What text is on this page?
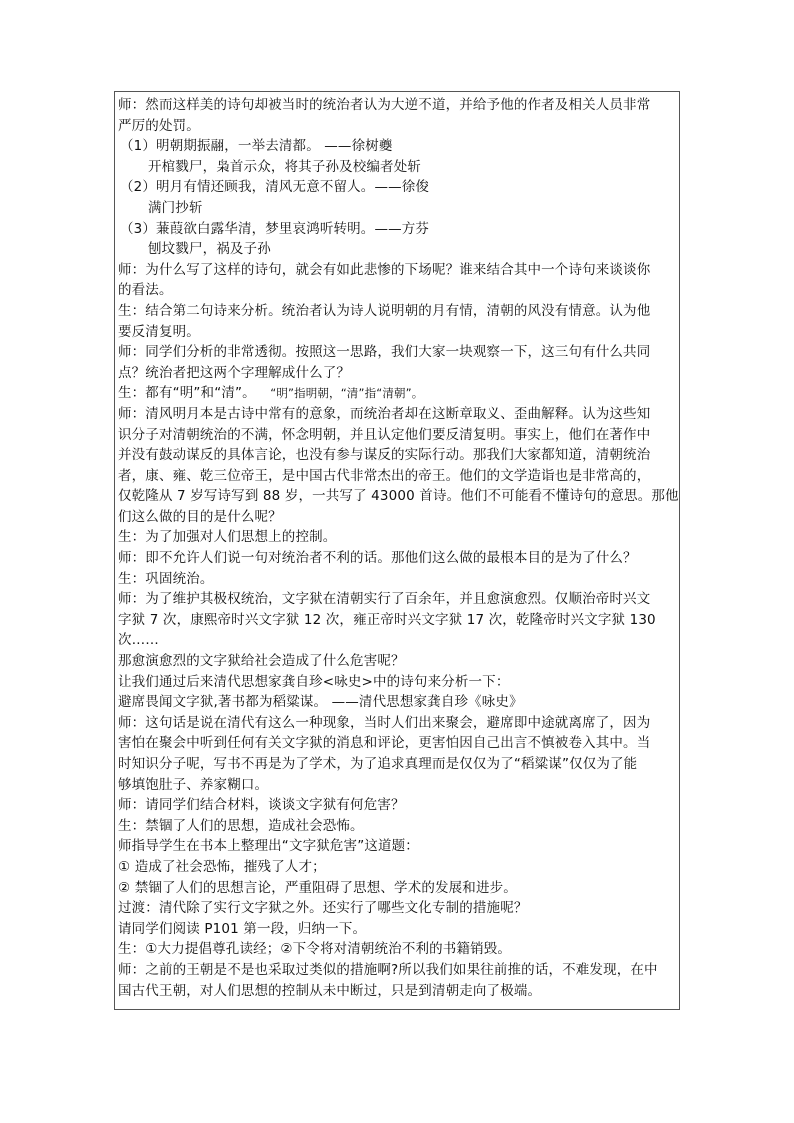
师：然而这样美的诗句却被当时的统治者认为大逆不道，并给予他的作者及相关人员非常
严厉的处罚。
（1）明朝期振翮，一举去清都。 ——徐树夔
开棺戮尸，枭首示众，将其子孙及校编者处斩
（2）明月有情还顾我，清风无意不留人。——徐俊
满门抄斩
（3）蒹葭欲白露华清，梦里哀鸿听转明。——方芬
刨坟戮尸，祸及子孙
师：为什么写了这样的诗句，就会有如此悲惨的下场呢？谁来结合其中一个诗句来谈谈你
的看法。
生：结合第二句诗来分析。统治者认为诗人说明朝的月有情，清朝的风没有情意。认为他
要反清复明。
师：同学们分析的非常透彻。按照这一思路，我们大家一块观察一下，这三句有什么共同
点？统治者把这两个字理解成什么了？
生：都有“明”和“清”。 “明”指明朝，“清”指“清朝”。
师：清风明月本是古诗中常有的意象，而统治者却在这断章取义、歪曲解释。认为这些知
识分子对清朝统治的不满，怀念明朝，并且认定他们要反清复明。事实上，他们在著作中
并没有鼓动谋反的具体言论，也没有参与谋反的实际行动。那我们大家都知道，清朝统治
者，康、雍、乾三位帝王，是中国古代非常杰出的帝王。他们的文学造诣也是非常高的，
仅乾隆从 7 岁写诗写到 88 岁，一共写了 43000 首诗。他们不可能看不懂诗句的意思。那他
们这么做的目的是什么呢？
生：为了加强对人们思想上的控制。
师：即不允许人们说一句对统治者不利的话。那他们这么做的最根本目的是为了什么？
生：巩固统治。
师：为了维护其极权统治，文字狱在清朝实行了百余年，并且愈演愈烈。仅顺治帝时兴文
字狱 7 次，康熙帝时兴文字狱 12 次，雍正帝时兴文字狱 17 次，乾隆帝时兴文字狱 130
次……
那愈演愈烈的文字狱给社会造成了什么危害呢？
让我们通过后来清代思想家龚自珍<咏史>中的诗句来分析一下：
避席畏闻文字狱,著书都为稻粱谋。 ——清代思想家龚自珍《咏史》
师：这句话是说在清代有这么一种现象，当时人们出来聚会，避席即中途就离席了，因为
害怕在聚会中听到任何有关文字狱的消息和评论，更害怕因自己出言不慎被卷入其中。当
时知识分子呢，写书不再是为了学术，为了追求真理而是仅仅为了“稻粱谋”仅仅为了能
够填饱肚子、养家糊口。
师：请同学们结合材料，谈谈文字狱有何危害？
生：禁锢了人们的思想，造成社会恐怖。
师指导学生在书本上整理出“文字狱危害”这道题：
① 造成了社会恐怖，摧残了人才；
② 禁锢了人们的思想言论，严重阻碍了思想、学术的发展和进步。
过渡：清代除了实行文字狱之外。还实行了哪些文化专制的措施呢？
请同学们阅读 P101 第一段，归纳一下。
生：①大力提倡尊孔读经；②下令将对清朝统治不利的书籍销毁。
师：之前的王朝是不是也采取过类似的措施啊?所以我们如果往前推的话，不难发现，在中
国古代王朝，对人们思想的控制从未中断过，只是到清朝走向了极端。
